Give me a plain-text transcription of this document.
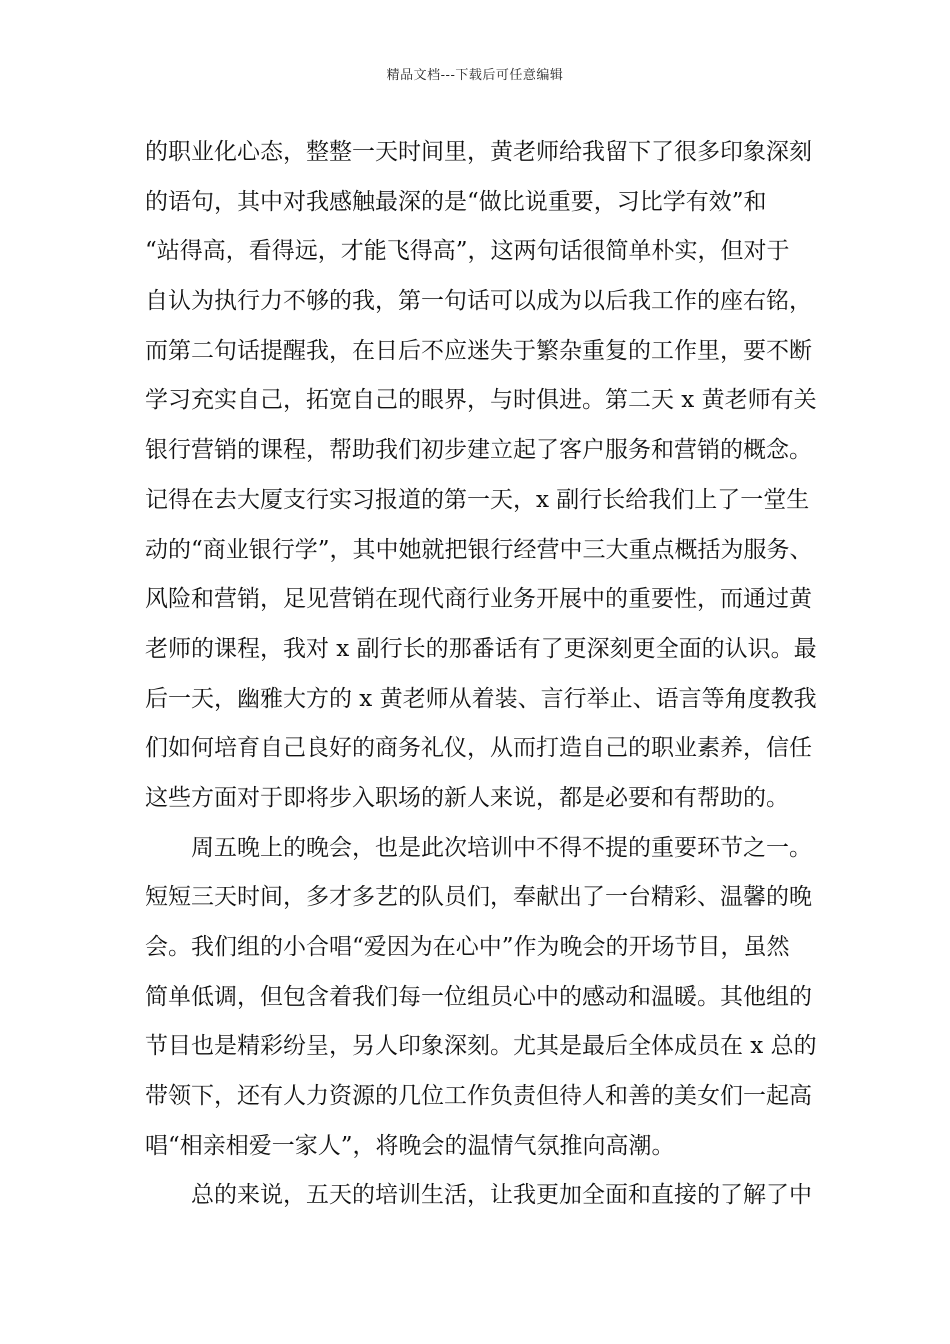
精品文档---下载后可任意编辑
的职业化心态，整整一天时间里，黄老师给我留下了很多印象深刻
的语句，其中对我感触最深的是“做比说重要，习比学有效”和
“站得高，看得远，才能飞得高”，这两句话很简单朴实，但对于
自认为执行力不够的我，第一句话可以成为以后我工作的座右铭，
而第二句话提醒我，在日后不应迷失于繁杂重复的工作里，要不断
学习充实自己，拓宽自己的眼界，与时俱进。第二天 x 黄老师有关
银行营销的课程，帮助我们初步建立起了客户服务和营销的概念。
记得在去大厦支行实习报道的第一天，x 副行长给我们上了一堂生
动的“商业银行学”，其中她就把银行经营中三大重点概括为服务、
风险和营销，足见营销在现代商行业务开展中的重要性，而通过黄
老师的课程，我对 x 副行长的那番话有了更深刻更全面的认识。最
后一天，幽雅大方的 x 黄老师从着装、言行举止、语言等角度教我
们如何培育自己良好的商务礼仪，从而打造自己的职业素养，信任
这些方面对于即将步入职场的新人来说，都是必要和有帮助的。
周五晚上的晚会，也是此次培训中不得不提的重要环节之一。
短短三天时间，多才多艺的队员们，奉献出了一台精彩、温馨的晚
会。我们组的小合唱“爱因为在心中”作为晚会的开场节目，虽然
简单低调，但包含着我们每一位组员心中的感动和温暖。其他组的
节目也是精彩纷呈，另人印象深刻。尤其是最后全体成员在 x 总的
带领下，还有人力资源的几位工作负责但待人和善的美女们一起高
唱“相亲相爱一家人”，将晚会的温情气氛推向高潮。
总的来说，五天的培训生活，让我更加全面和直接的了解了中
